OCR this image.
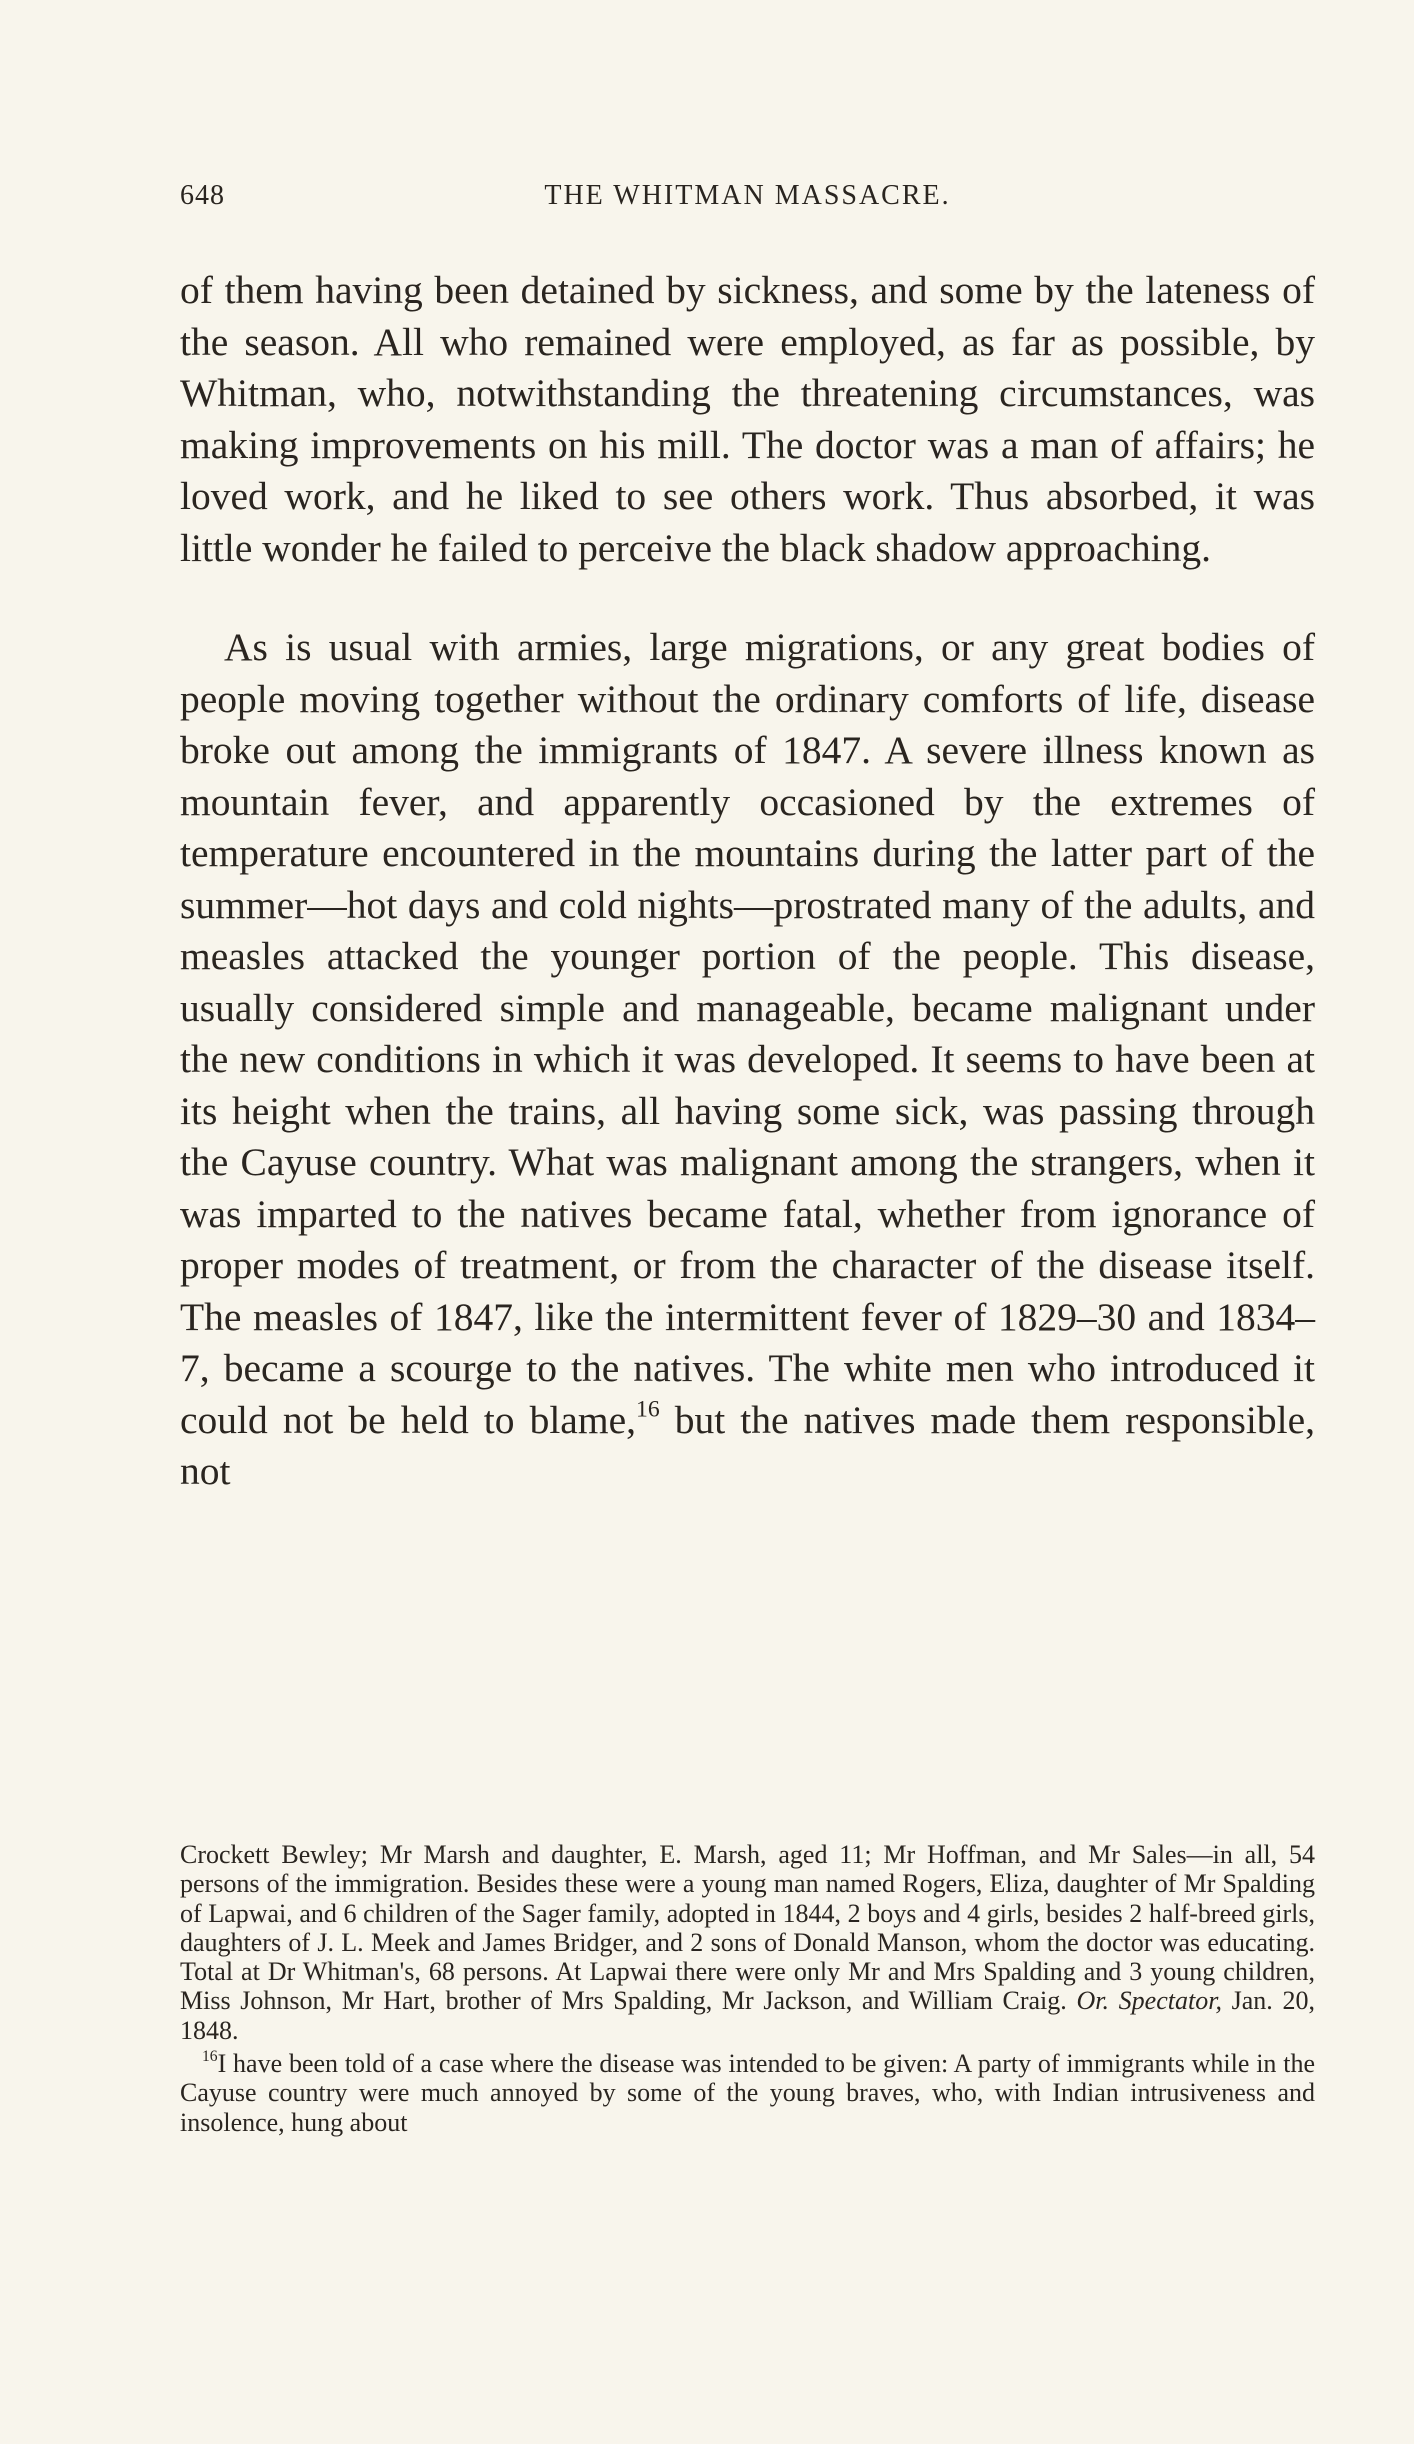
648	THE WHITMAN MASSACRE.

of them having been detained by sickness, and some by the lateness of the season. All who remained were employed, as far as possible, by Whitman, who, notwithstanding the threatening circumstances, was making improvements on his mill. The doctor was a man of affairs; he loved work, and he liked to see others work. Thus absorbed, it was little wonder he failed to perceive the black shadow approaching.

As is usual with armies, large migrations, or any great bodies of people moving together without the ordinary comforts of life, disease broke out among the immigrants of 1847. A severe illness known as mountain fever, and apparently occasioned by the extremes of temperature encountered in the mountains during the latter part of the summer—hot days and cold nights—prostrated many of the adults, and measles attacked the younger portion of the people. This disease, usually considered simple and manageable, became malignant under the new conditions in which it was developed. It seems to have been at its height when the trains, all having some sick, was passing through the Cayuse country. What was malignant among the strangers, when it was imparted to the natives became fatal, whether from ignorance of proper modes of treatment, or from the character of the disease itself. The measles of 1847, like the intermittent fever of 1829–30 and 1834–7, became a scourge to the natives. The white men who introduced it could not be held to blame,$^{16}$ but the natives made them responsible, not

Crockett Bewley; Mr Marsh and daughter, E. Marsh, aged 11; Mr Hoffman, and Mr Sales—in all, 54 persons of the immigration. Besides these were a young man named Rogers, Eliza, daughter of Mr Spalding of Lapwai, and 6 children of the Sager family, adopted in 1844, 2 boys and 4 girls, besides 2 half-breed girls, daughters of J. L. Meek and James Bridger, and 2 sons of Donald Manson, whom the doctor was educating. Total at Dr Whitman's, 68 persons. At Lapwai there were only Mr and Mrs Spalding and 3 young children, Miss Johnson, Mr Hart, brother of Mrs Spalding, Mr Jackson, and William Craig. Or. Spectator, Jan. 20, 1848.

$^{16}$I have been told of a case where the disease was intended to be given: A party of immigrants while in the Cayuse country were much annoyed by some of the young braves, who, with Indian intrusiveness and insolence, hung about
